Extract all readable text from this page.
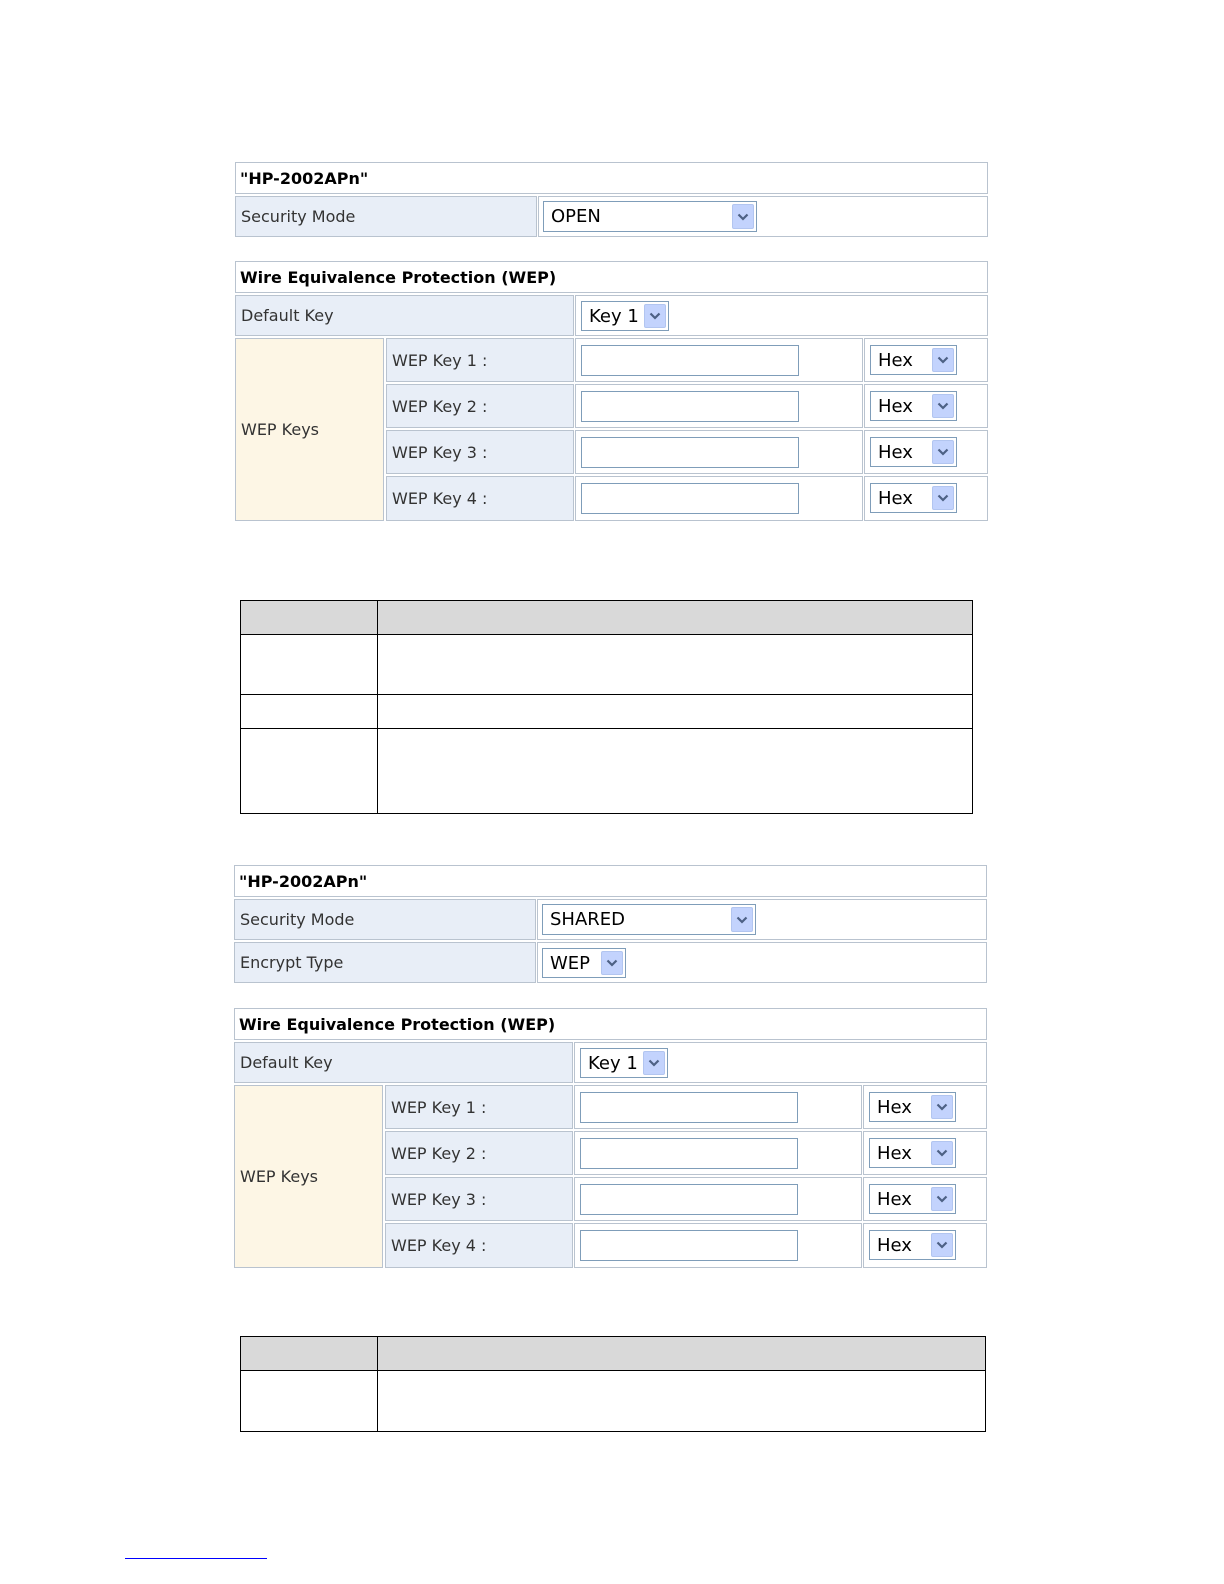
"HP-2002APn"
Security Mode	OPEN
Wire Equivalence Protection (WEP)
Default Key	Key 1
WEP Keys
WEP Key 1 :	Hex
WEP Key 2 :	Hex
WEP Key 3 :	Hex
WEP Key 4 :	Hex
"HP-2002APn"
Security Mode	SHARED
Encrypt Type	WEP
Wire Equivalence Protection (WEP)
Default Key	Key 1
WEP Keys
WEP Key 1 :	Hex
WEP Key 2 :	Hex
WEP Key 3 :	Hex
WEP Key 4 :	Hex
